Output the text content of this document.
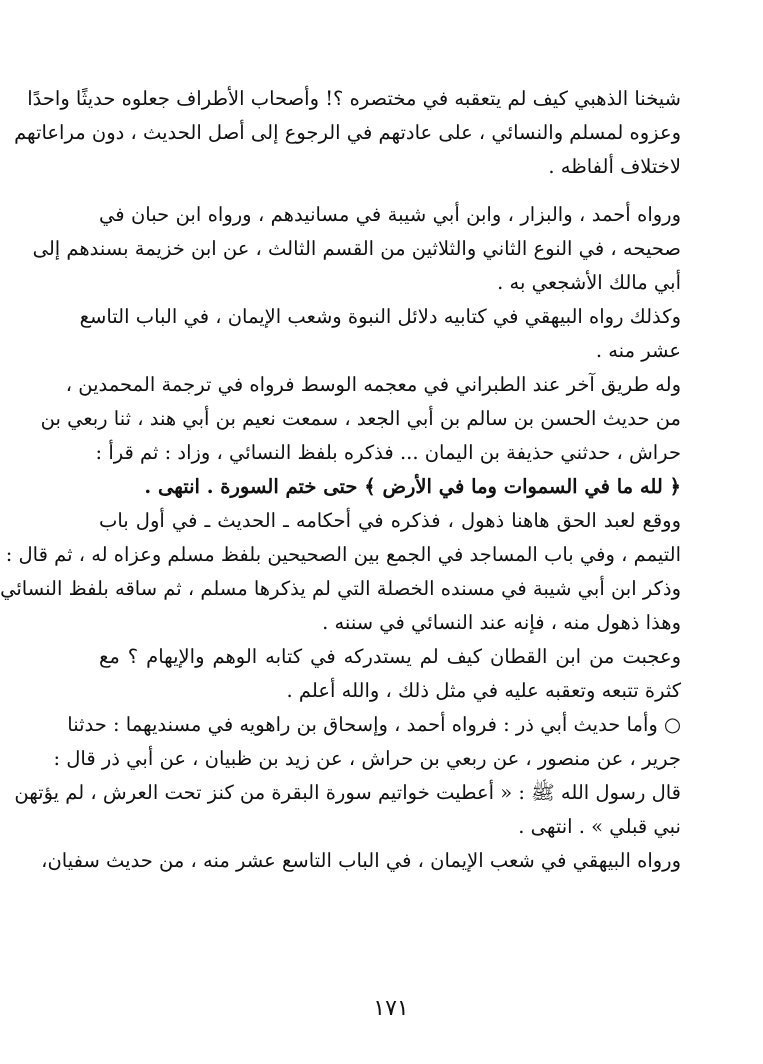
شيخنا الذهبي كيف لم يتعقبه في مختصره ؟! وأصحاب الأطراف جعلوه حديثًا واحدًا
وعزوه لمسلم والنسائي ، على عادتهم في الرجوع إلى أصل الحديث ، دون مراعاتهم
لاختلاف ألفاظه .
ورواه أحمد ، والبزار ، وابن أبي شيبة في مسانيدهم ، ورواه ابن حبان في
صحيحه ، في النوع الثاني والثلاثين من القسم الثالث ، عن ابن خزيمة بسندهم إلى
أبي مالك الأشجعي به .
وكذلك رواه البيهقي في كتابيه دلائل النبوة وشعب الإيمان ، في الباب التاسع
عشر منه .
وله طريق آخر عند الطبراني في معجمه الوسط فرواه في ترجمة المحمدين ،
من حديث الحسن بن سالم بن أبي الجعد ، سمعت نعيم بن أبي هند ، ثنا ربعي بن
حراش ، حدثني حذيفة بن اليمان ... فذكره بلفظ النسائي ، وزاد : ثم قرأ :
﴿ لله ما في السموات وما في الأرض ﴾ حتى ختم السورة . انتهى .
ووقع لعبد الحق هاهنا ذهول ، فذكره في أحكامه ـ الحديث ـ في أول باب
التيمم ، وفي باب المساجد في الجمع بين الصحيحين بلفظ مسلم وعزاه له ، ثم قال :
وذكر ابن أبي شيبة في مسنده الخصلة التي لم يذكرها مسلم ، ثم ساقه بلفظ النسائي
وهذا ذهول منه ، فإنه عند النسائي في سننه .
وعجبت من ابن القطان كيف لم يستدركه في كتابه الوهم والإيهام ؟ مع
كثرة تتبعه وتعقبه عليه في مثل ذلك ، والله أعلم .
○ وأما حديث أبي ذر : فرواه أحمد ، وإسحاق بن راهويه في مسنديهما : حدثنا
جرير ، عن منصور ، عن ربعي بن حراش ، عن زيد بن ظبيان ، عن أبي ذر قال :
قال رسول الله ﷺ : « أعطيت خواتيم سورة البقرة من كنز تحت العرش ، لم يؤتهن
نبي قبلي » . انتهى .
ورواه البيهقي في شعب الإيمان ، في الباب التاسع عشر منه ، من حديث سفيان،
١٧١
